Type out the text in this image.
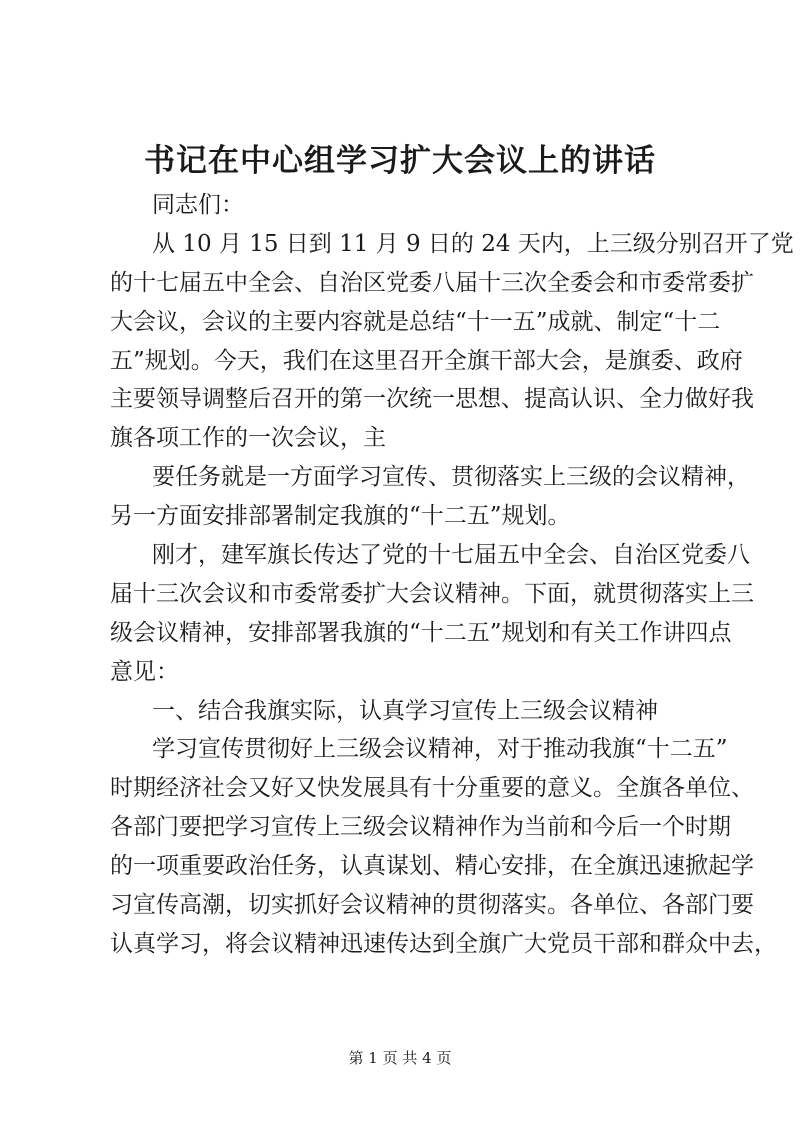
书记在中心组学习扩大会议上的讲话
同志们：
从 10 月 15 日到 11 月 9 日的 24 天内，上三级分别召开了党
的十七届五中全会、自治区党委八届十三次全委会和市委常委扩
大会议，会议的主要内容就是总结“十一五”成就、制定“十二
五”规划。今天，我们在这里召开全旗干部大会，是旗委、政府
主要领导调整后召开的第一次统一思想、提高认识、全力做好我
旗各项工作的一次会议，主
要任务就是一方面学习宣传、贯彻落实上三级的会议精神，
另一方面安排部署制定我旗的“十二五”规划。
刚才，建军旗长传达了党的十七届五中全会、自治区党委八
届十三次会议和市委常委扩大会议精神。下面，就贯彻落实上三
级会议精神，安排部署我旗的“十二五”规划和有关工作讲四点
意见：
一、结合我旗实际，认真学习宣传上三级会议精神
学习宣传贯彻好上三级会议精神，对于推动我旗“十二五”
时期经济社会又好又快发展具有十分重要的意义。全旗各单位、
各部门要把学习宣传上三级会议精神作为当前和今后一个时期
的一项重要政治任务，认真谋划、精心安排，在全旗迅速掀起学
习宣传高潮，切实抓好会议精神的贯彻落实。各单位、各部门要
认真学习，将会议精神迅速传达到全旗广大党员干部和群众中去，
第 1 页 共 4 页
